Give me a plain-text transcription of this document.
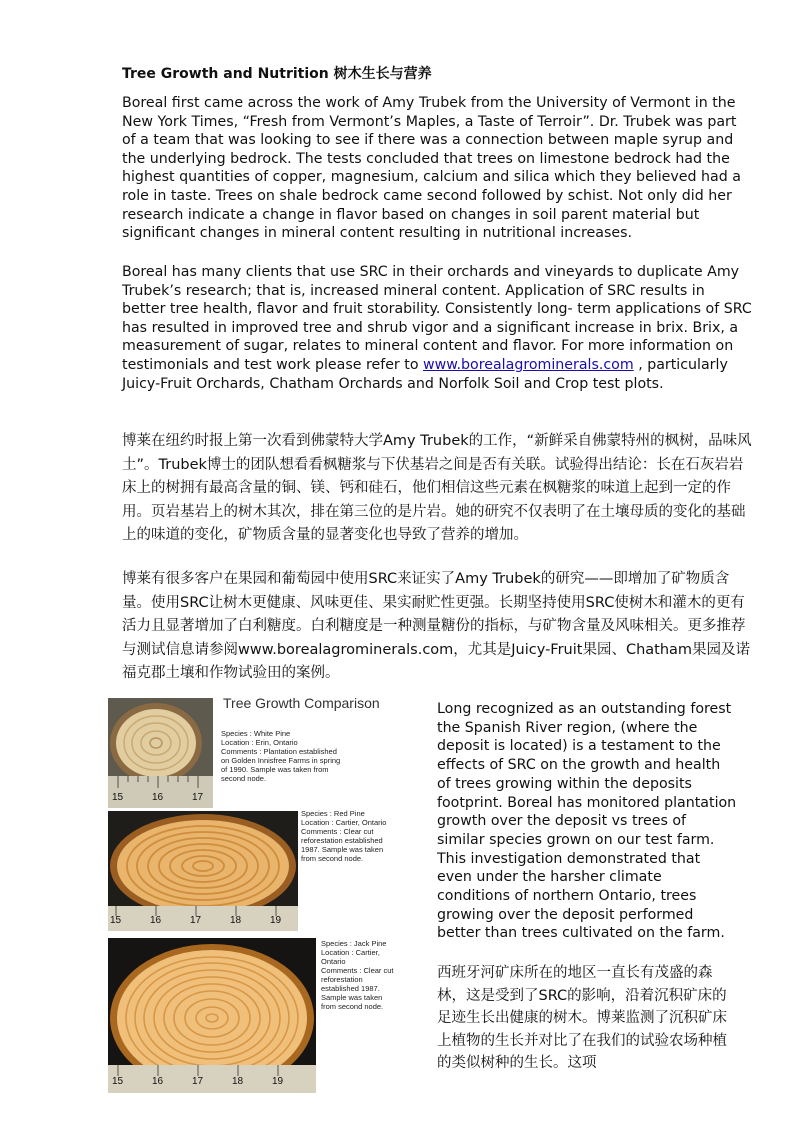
Tree Growth and Nutrition 树木生长与营养

Boreal first came across the work of Amy Trubek from the University of Vermont in the New York Times, “Fresh from Vermont’s Maples, a Taste of Terroir”. Dr. Trubek was part of a team that was looking to see if there was a connection between maple syrup and the underlying bedrock. The tests concluded that trees on limestone bedrock had the highest quantities of copper, magnesium, calcium and silica which they believed had a role in taste. Trees on shale bedrock came second followed by schist. Not only did her research indicate a change in flavor based on changes in soil parent material but significant changes in mineral content resulting in nutritional increases.

Boreal has many clients that use SRC in their orchards and vineyards to duplicate Amy Trubek’s research; that is, increased mineral content. Application of SRC results in better tree health, flavor and fruit storability. Consistently long- term applications of SRC has resulted in improved tree and shrub vigor and a significant increase in brix. Brix, a measurement of sugar, relates to mineral content and flavor. For more information on testimonials and test work please refer to www.borealagrominerals.com , particularly Juicy-Fruit Orchards, Chatham Orchards and Norfolk Soil and Crop test plots.

博莱在纽约时报上第一次看到佛蒙特大学Amy Trubek的工作，“新鲜采自佛蒙特州的枫树，品味风土”。Trubek博士的团队想看看枫糖浆与下伏基岩之间是否有关联。试验得出结论：长在石灰岩岩床上的树拥有最高含量的铜、镁、钙和硅石，他们相信这些元素在枫糖浆的味道上起到一定的作用。页岩基岩上的树木其次，排在第三位的是片岩。她的研究不仅表明了在土壤母质的变化的基础上的味道的变化，矿物质含量的显著变化也导致了营养的增加。

博莱有很多客户在果园和葡萄园中使用SRC来证实了Amy Trubek的研究——即增加了矿物质含量。使用SRC让树木更健康、风味更佳、果实耐贮性更强。长期坚持使用SRC使树木和灌木的更有活力且显著增加了白利糖度。白利糖度是一种测量糖份的指标，与矿物含量及风味相关。更多推荐与测试信息请参阅www.borealagrominerals.com，尤其是Juicy-Fruit果园、Chatham果园及诺福克郡土壤和作物试验田的案例。

Tree Growth Comparison
15	16	17
Species : White Pine
Location : Erin, Ontario
Comments : Plantation established
on Golden Innisfree Farms in spring
of 1990. Sample was taken from
second node.
15	16	17	18	19
Species : Red Pine
Location : Cartier, Ontario
Comments : Clear cut
reforestation established
1987. Sample was taken
from second node.
15	16	17	18	19
Species : Jack Pine
Location : Cartier,
Ontario
Comments : Clear cut
reforestation
established 1987.
Sample was taken
from second node.

Long recognized as an outstanding forest the Spanish River region, (where the deposit is located) is a testament to the effects of SRC on the growth and health of trees growing within the deposits footprint. Boreal has monitored plantation growth over the deposit vs trees of similar species grown on our test farm. This investigation demonstrated that even under the harsher climate conditions of northern Ontario, trees growing over the deposit performed better than trees cultivated on the farm.

西班牙河矿床所在的地区一直长有茂盛的森林，这是受到了SRC的影响，沿着沉积矿床的足迹生长出健康的树木。博莱监测了沉积矿床上植物的生长并对比了在我们的试验农场种植的类似树种的生长。这项
